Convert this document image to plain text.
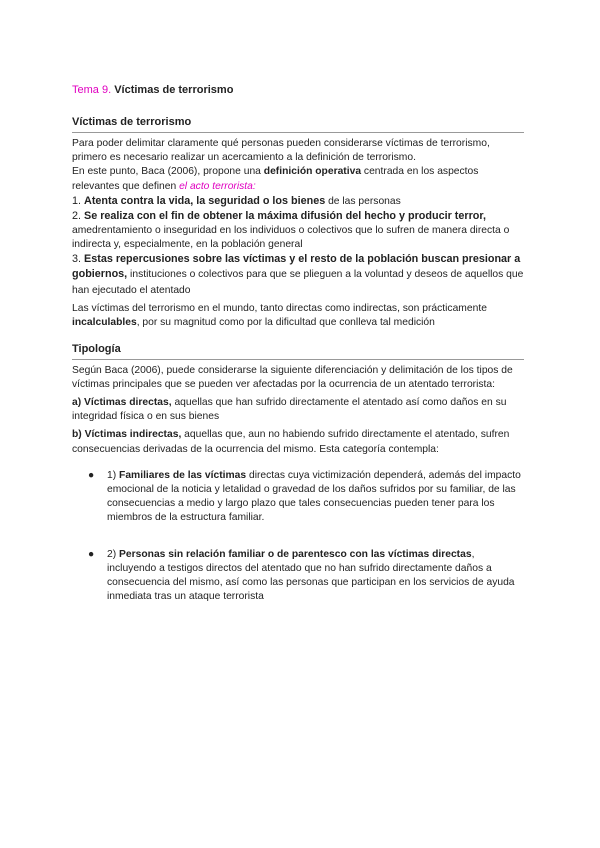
Tema 9. Víctimas de terrorismo
Víctimas de terrorismo

Para poder delimitar claramente qué personas pueden considerarse víctimas de terrorismo, primero es necesario realizar un acercamiento a la definición de terrorismo.

En este punto, Baca (2006), propone una definición operativa centrada en los aspectos relevantes que definen el acto terrorista:

1. Atenta contra la vida, la seguridad o los bienes de las personas

2. Se realiza con el fin de obtener la máxima difusión del hecho y producir terror,

amedrentamiento o inseguridad en los individuos o colectivos que lo sufren de manera directa o indirecta y, especialmente, en la población general

3. Estas repercusiones sobre las víctimas y el resto de la población buscan presionar a gobiernos, instituciones o colectivos para que se plieguen a la voluntad y deseos de aquellos que han ejecutado el atentado

Las víctimas del terrorismo en el mundo, tanto directas como indirectas, son prácticamente incalculables, por su magnitud como por la dificultad que conlleva tal medición

Tipología

Según Baca (2006), puede considerarse la siguiente diferenciación y delimitación de los tipos de víctimas principales que se pueden ver afectadas por la ocurrencia de un atentado terrorista:

a) Víctimas directas, aquellas que han sufrido directamente el atentado así como daños en su integridad física o en sus bienes

b) Víctimas indirectas, aquellas que, aun no habiendo sufrido directamente el atentado, sufren consecuencias derivadas de la ocurrencia del mismo. Esta categoría contempla:

● 1) Familiares de las víctimas directas cuya victimización dependerá, además del impacto emocional de la noticia y letalidad o gravedad de los daños sufridos por su familiar, de las consecuencias a medio y largo plazo que tales consecuencias pueden tener para los miembros de la estructura familiar.
● 2) Personas sin relación familiar o de parentesco con las víctimas directas, incluyendo a testigos directos del atentado que no han sufrido directamente daños a consecuencia del mismo, así como las personas que participan en los servicios de ayuda inmediata tras un ataque terrorista
